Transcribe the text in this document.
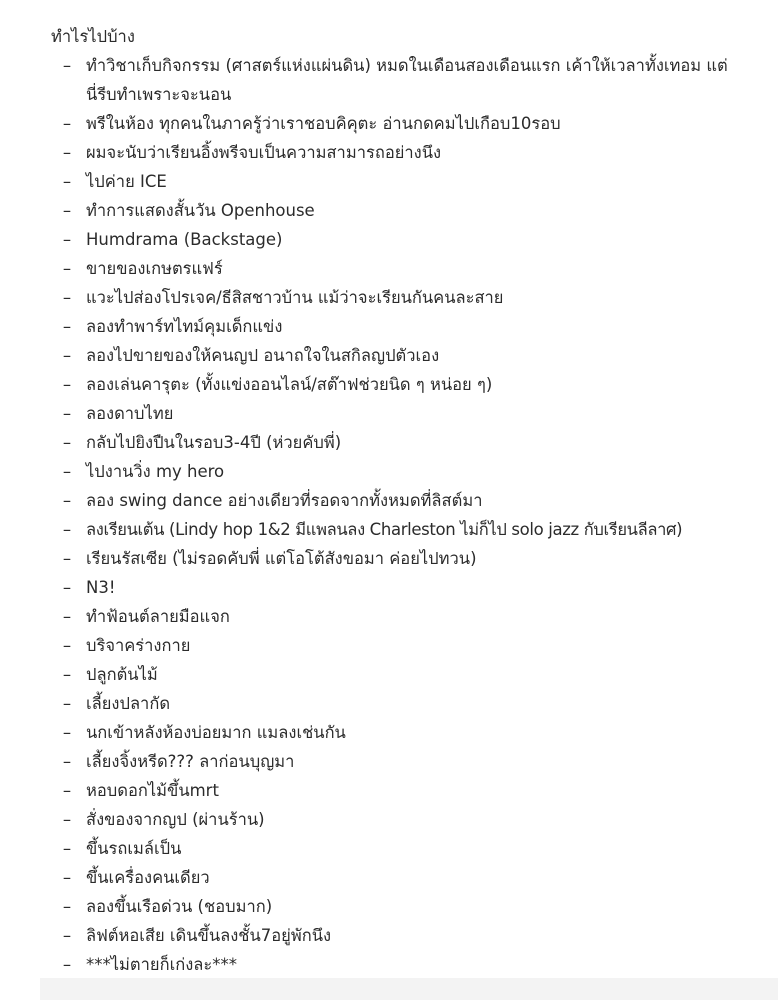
ทำไรไปบ้าง
– ทำวิชาเก็บกิจกรรม (ศาสตร์แห่งแผ่นดิน) หมดในเดือนสองเดือนแรก เค้าให้เวลาทั้งเทอม แต่นี่รีบทำเพราะจะนอน
– พรีในห้อง ทุกคนในภาครู้ว่าเราชอบคิคุตะ อ่านกดคมไปเกือบ10รอบ
– ผมจะนับว่าเรียนอิ้งพรีจบเป็นความสามารถอย่างนึง
– ไปค่าย ICE
– ทำการแสดงสั้นวัน Openhouse
– Humdrama (Backstage)
– ขายของเกษตรแฟร์
– แวะไปส่องโปรเจค/ธีสิสชาวบ้าน แม้ว่าจะเรียนกันคนละสาย
– ลองทำพาร์ทไทม์คุมเด็กแข่ง
– ลองไปขายของให้คนญป อนาถใจในสกิลญปตัวเอง
– ลองเล่นคารุตะ (ทั้งแข่งออนไลน์/สต๊าฟช่วยนิด ๆ หน่อย ๆ)
– ลองดาบไทย
– กลับไปยิงปืนในรอบ3-4ปี (ห่วยคับพี่)
– ไปงานวิ่ง my hero
– ลอง swing dance อย่างเดียวที่รอดจากทั้งหมดที่ลิสต์มา
– ลงเรียนเต้น (Lindy hop 1&2 มีแพลนลง Charleston ไม่ก็ไป solo jazz กับเรียนลีลาศ)
– เรียนรัสเซีย (ไม่รอดคับพี่ แต่โอโต้สังขอมา ค่อยไปทวน)
– N3!
– ทำฟ้อนต์ลายมือแจก
– บริจาคร่างกาย
– ปลูกต้นไม้
– เลี้ยงปลากัด
– นกเข้าหลังห้องบ่อยมาก แมลงเช่นกัน
– เลี้ยงจิ้งหรีด??? ลาก่อนบุญมา
– หอบดอกไม้ขึ้นmrt
– สั่งของจากญป (ผ่านร้าน)
– ขึ้นรถเมล์เป็น
– ขึ้นเครื่องคนเดียว
– ลองขึ้นเรือด่วน (ชอบมาก)
– ลิฟต์หอเสีย เดินขึ้นลงชั้น7อยู่พักนึง
– ***ไม่ตายก็เก่งละ***
